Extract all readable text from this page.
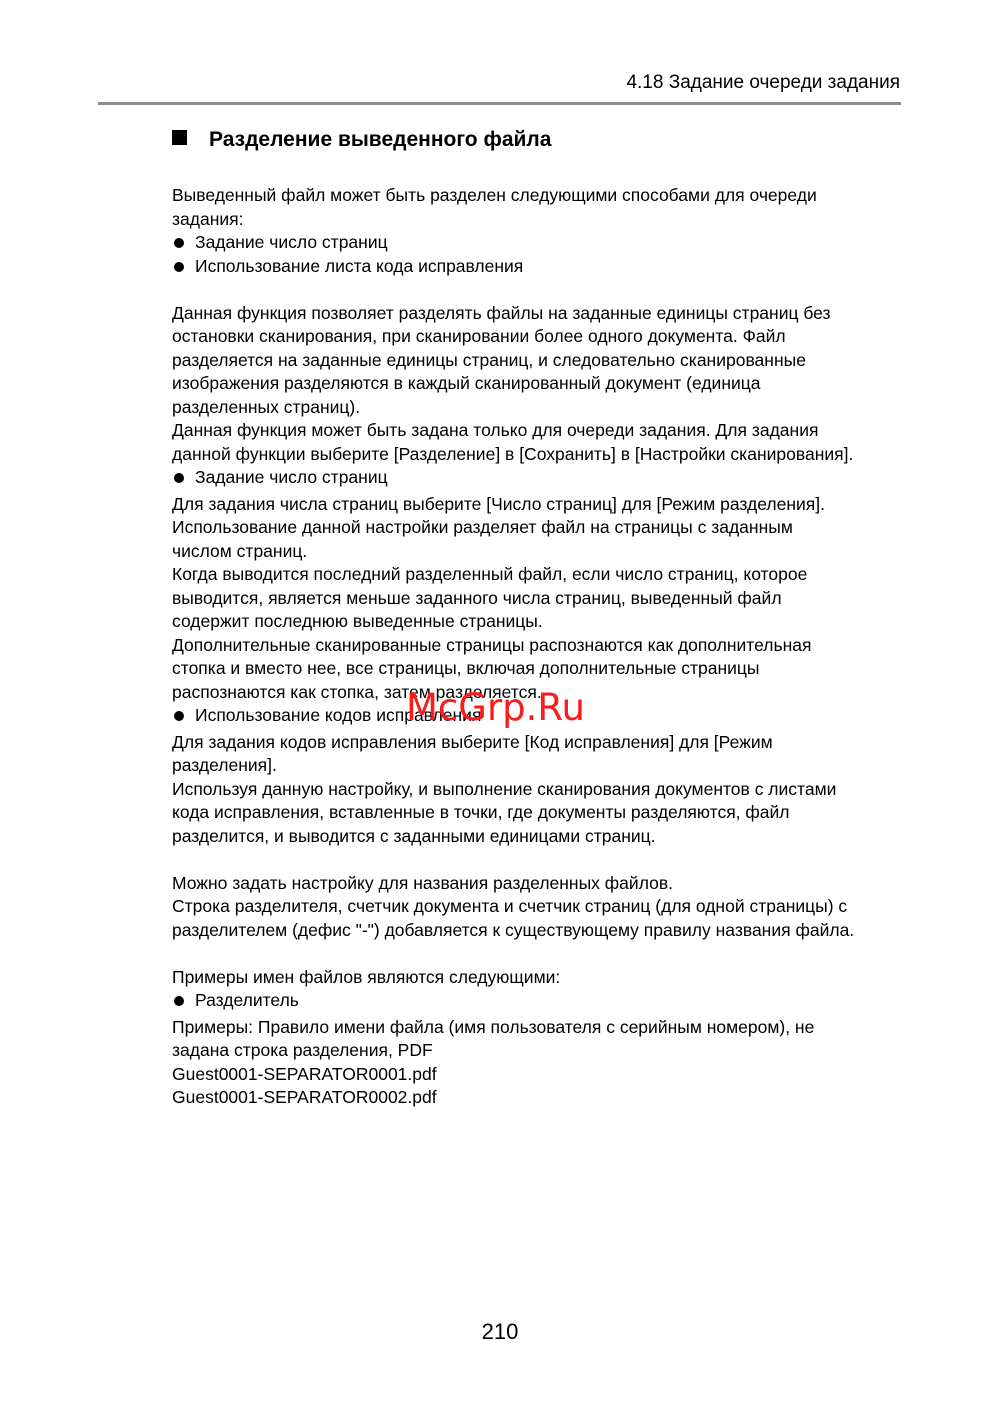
4.18 Задание очереди задания
Разделение выведенного файла

Выведенный файл может быть разделен следующими способами для очереди

задания:

Задание число страниц

Использование листа кода исправления

Данная функция позволяет разделять файлы на заданные единицы страниц без

остановки сканирования, при сканировании более одного документа. Файл

разделяется на заданные единицы страниц, и следовательно сканированные

изображения разделяются в каждый сканированный документ (единица

разделенных страниц).

Данная функция может быть задана только для очереди задания. Для задания

данной функции выберите [Разделение] в [Сохранить] в [Настройки сканирования].

Задание число страниц

Для задания числа страниц выберите [Число страниц] для [Режим разделения].

Использование данной настройки разделяет файл на страницы с заданным

числом страниц.

Когда выводится последний разделенный файл, если число страниц, которое

выводится, является меньше заданного числа страниц, выведенный файл

содержит последнюю выведенные страницы.

Дополнительные сканированные страницы распознаются как дополнительная

стопка и вместо нее, все страницы, включая дополнительные страницы

распознаются как стопка, затем разделяется.

Использование кодов исправления

Для задания кодов исправления выберите [Код исправления] для [Режим

разделения].

Используя данную настройку, и выполнение сканирования документов с листами

кода исправления, вставленные в точки, где документы разделяются, файл

разделится, и выводится с заданными единицами страниц.

Можно задать настройку для названия разделенных файлов.

Строка разделителя, счетчик документа и счетчик страниц (для одной страницы) с

разделителем (дефис "-") добавляется к существующему правилу названия файла.

Примеры имен файлов являются следующими:

Разделитель

Примеры: Правило имени файла (имя пользователя с серийным номером), не

задана строка разделения, PDF

Guest0001-SEPARATOR0001.pdf

Guest0001-SEPARATOR0002.pdf

McGrp.Ru
210
